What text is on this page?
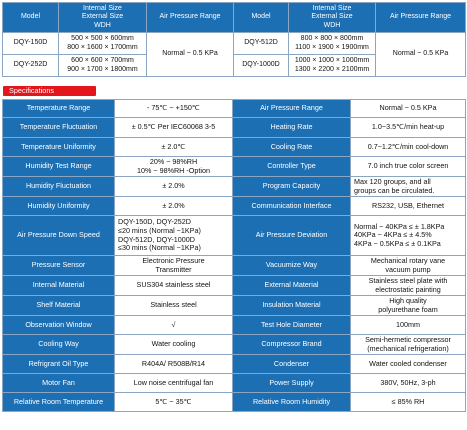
Model	Internal Size
External Size
WDH	Air Pressure Range	Model	Internal Size
External Size
WDH	Air Pressure Range
DQY-150D	500 × 500 × 600mm
800 × 1600 × 1700mm	Normal ~ 0.5 KPa	DQY-512D	800 × 800 × 800mm
1100 × 1900 × 1900mm	Normal ~ 0.5 KPa
DQY-252D	600 × 600 × 700mm
900 × 1700 × 1800mm		DQY-1000D	1000 × 1000 × 1000mm
1300 × 2200 × 2100mm	
Specifications
Temperature Range	- 75℃ ~ +150℃	Air Pressure Range	Normal ~ 0.5 KPa
Temperature Fluctuation	± 0.5℃ Per IEC60068 3-5	Heating Rate	1.0~3.5℃/min heat-up
Temperature Uniformity	± 2.0℃	Cooling Rate	0.7~1.2℃/min cool-down
Humidity Test Range	20% ~ 98%RH
10% ~ 98%RH -Option	Controller Type	7.0 inch true color screen
Humidity Fluctuation	± 2.0%	Program Capacity	Max 120 groups, and all
groups can be circulated.
Humidity Uniformity	± 2.0%	Communication Interface	RS232, USB, Ethernet
Air Pressure Down Speed	DQY-150D, DQY-252D
≤20 mins (Normal ~1KPa)
DQY-512D, DQY-1000D
≤30 mins (Normal ~1KPa)	Air Pressure Deviation	Normal ~ 40KPa ≤ ± 1.8KPa
40KPa ~ 4KPa ≤ ± 4.5%
4KPa ~ 0.5KPa ≤ ± 0.1KPa
Pressure Sensor	Electronic Pressure
Transmitter	Vacuumize Way	Mechanical rotary vane
vacuum pump
Internal Material	SUS304 stainless steel	External Material	Stainless steel plate with
electrostatic painting
Shelf Material	Stainless steel	Insulation Material	High quality
polyurethane foam
Observation Window	√	Test Hole Diameter	100mm
Cooling Way	Water cooling	Compressor Brand	Semi-hermetic compressor
(mechanical refrigeration)
Refrigrant Oil Type	R404A/ R508B/R14	Condenser	Water cooled condenser
Motor Fan	Low noise centrifugal fan	Power Supply	380V, 50Hz, 3-ph
Relative Room Temperature	5℃ ~ 35℃	Relative Room Humidity	≤ 85% RH
